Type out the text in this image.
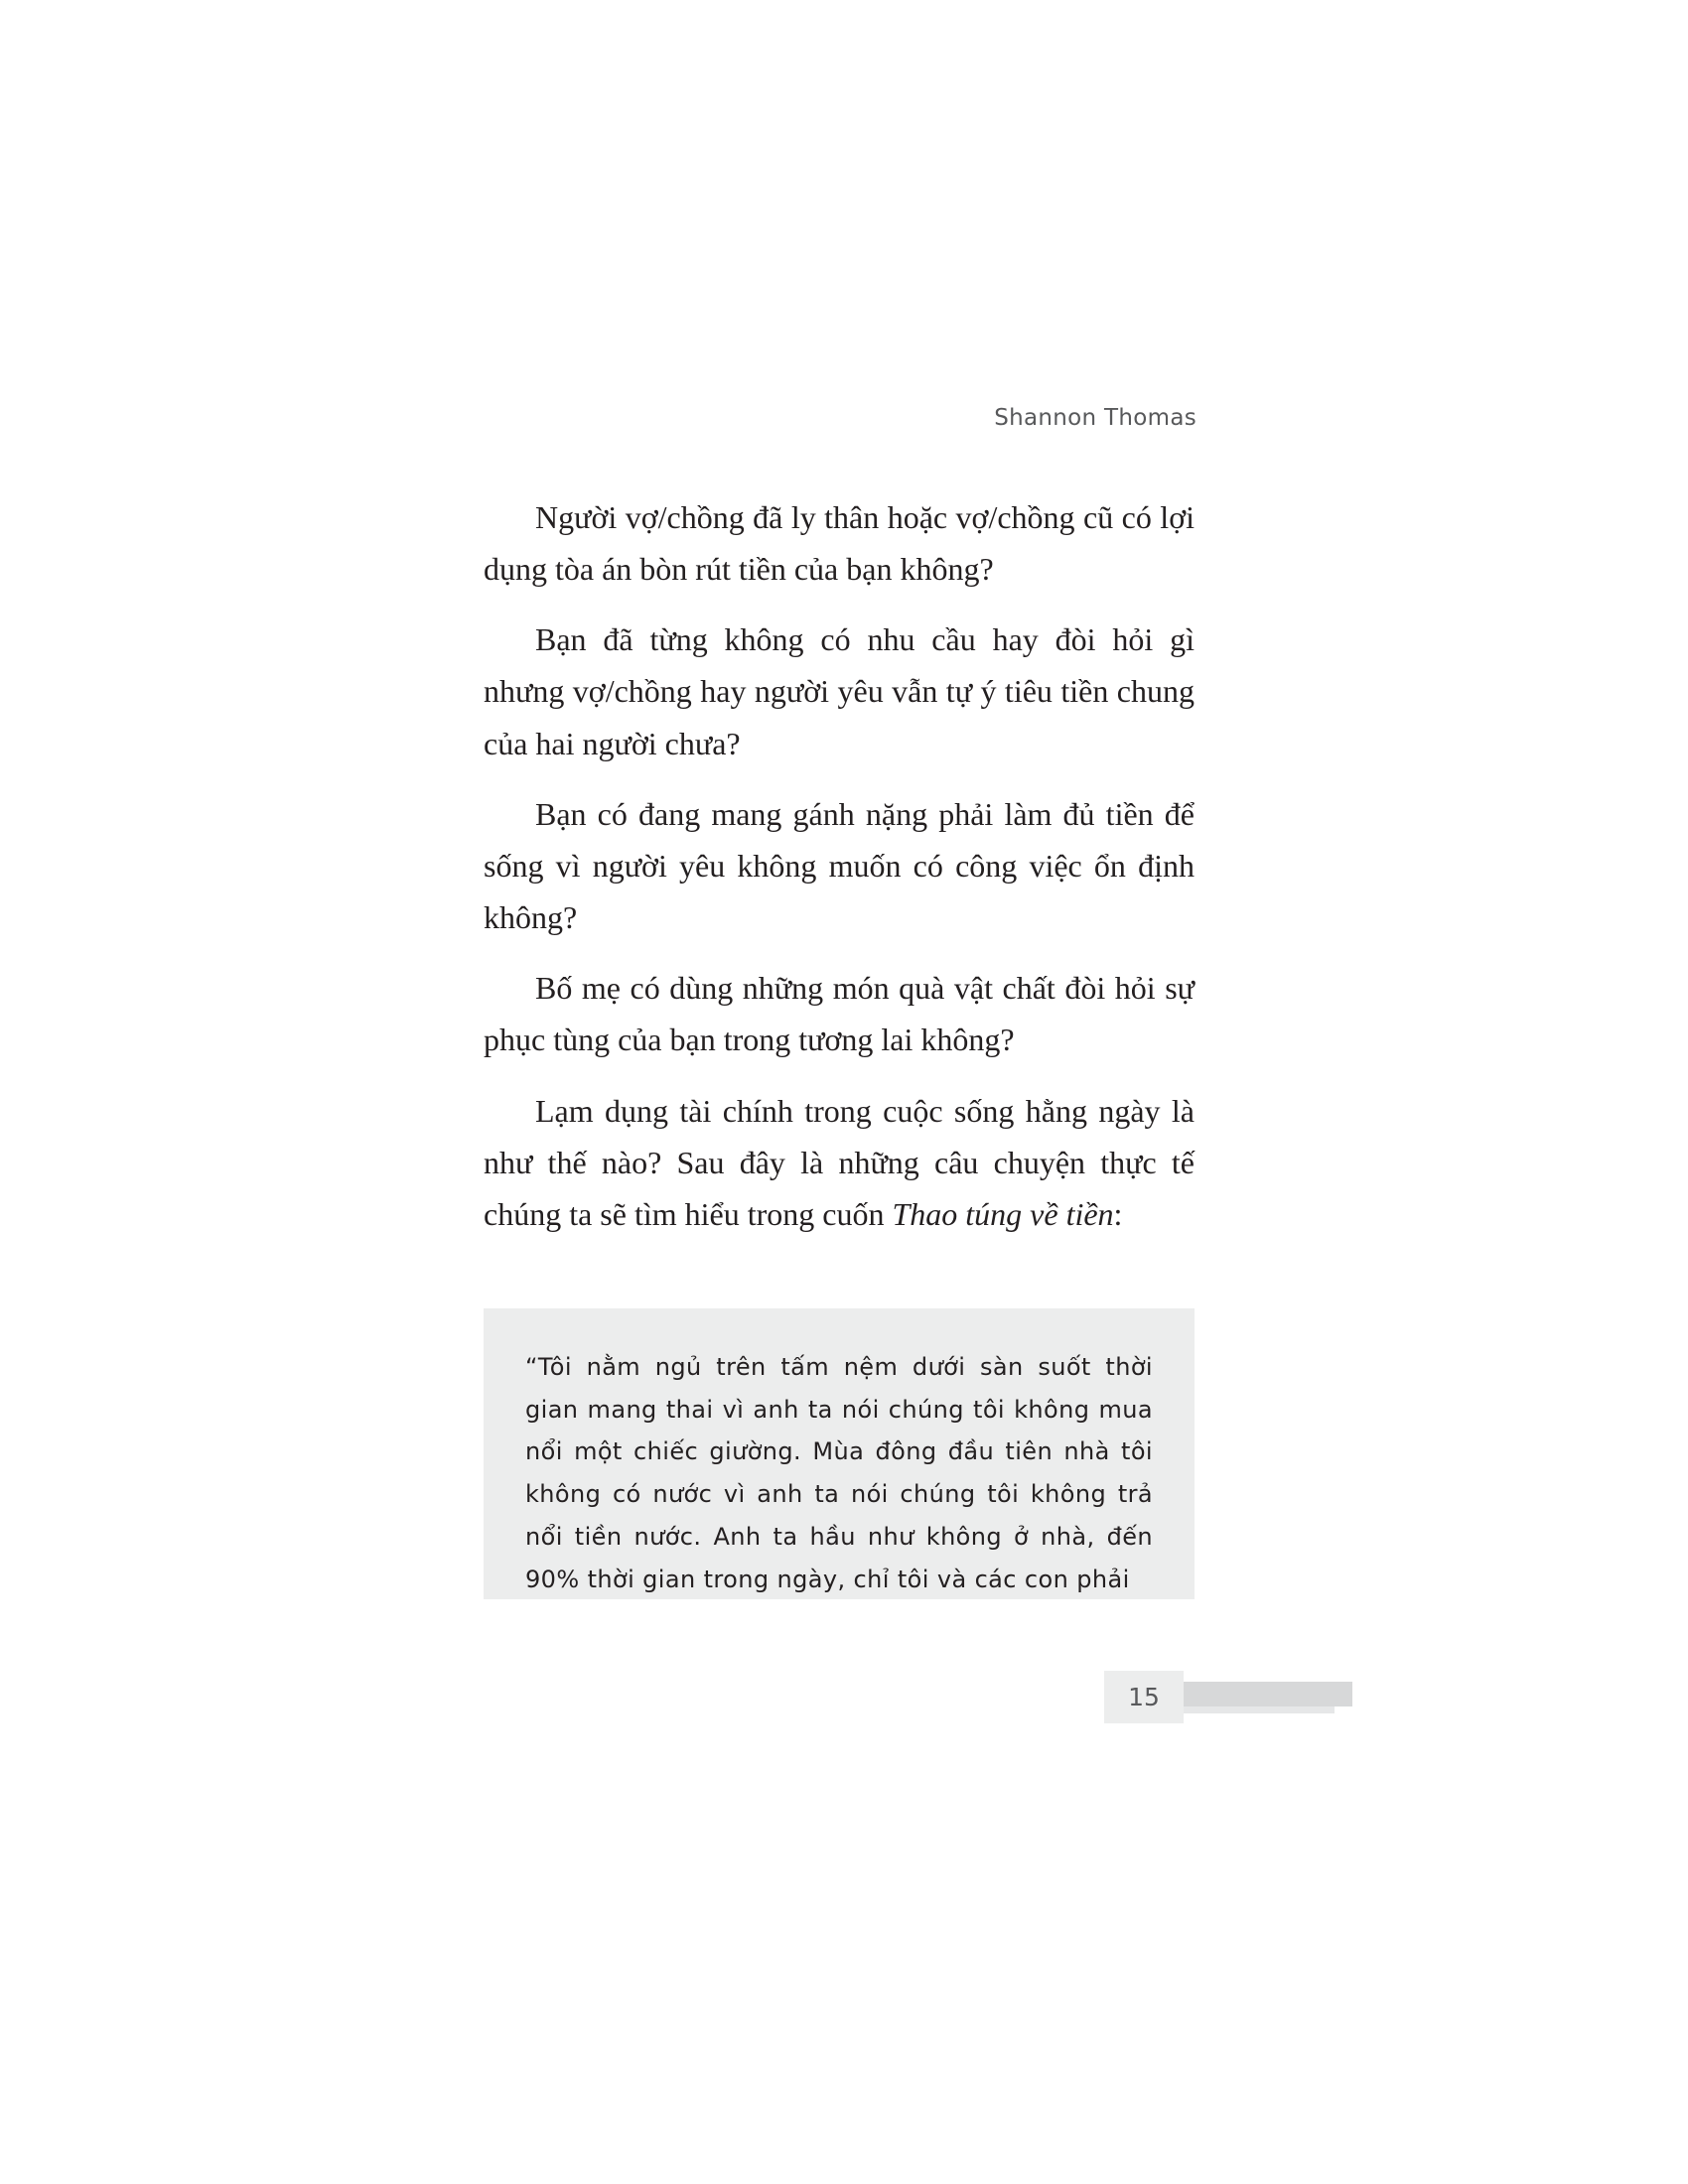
Shannon Thomas

Người vợ/chồng đã ly thân hoặc vợ/chồng cũ có lợi dụng tòa án bòn rút tiền của bạn không?

Bạn đã từng không có nhu cầu hay đòi hỏi gì nhưng vợ/chồng hay người yêu vẫn tự ý tiêu tiền chung của hai người chưa?

Bạn có đang mang gánh nặng phải làm đủ tiền để sống vì người yêu không muốn có công việc ổn định không?

Bố mẹ có dùng những món quà vật chất đòi hỏi sự phục tùng của bạn trong tương lai không?

Lạm dụng tài chính trong cuộc sống hằng ngày là như thế nào? Sau đây là những câu chuyện thực tế chúng ta sẽ tìm hiểu trong cuốn Thao túng về tiền:

“Tôi nằm ngủ trên tấm nệm dưới sàn suốt thời gian mang thai vì anh ta nói chúng tôi không mua nổi một chiếc giường. Mùa đông đầu tiên nhà tôi không có nước vì anh ta nói chúng tôi không trả nổi tiền nước. Anh ta hầu như không ở nhà, đến 90% thời gian trong ngày, chỉ tôi và các con phải

15
